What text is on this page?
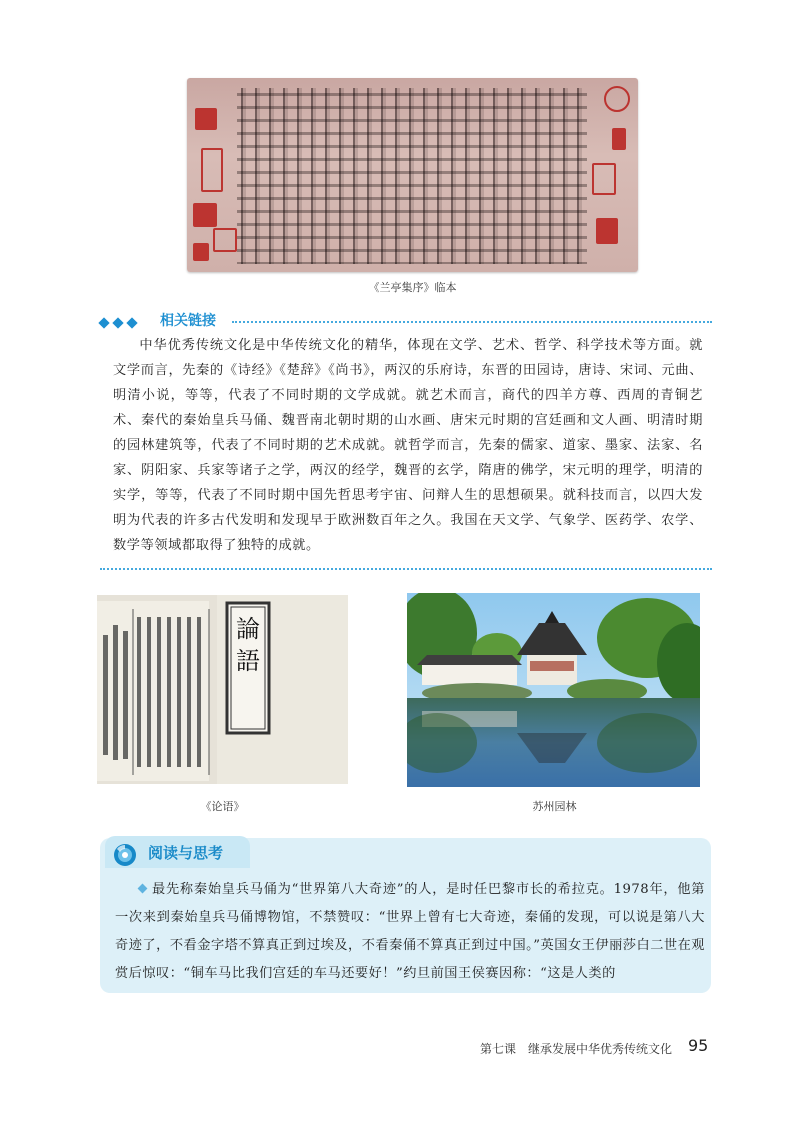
《兰亭集序》临本
相关链接
中华优秀传统文化是中华传统文化的精华，体现在文学、艺术、哲学、科学技术等方面。就文学而言，先秦的《诗经》《楚辞》《尚书》，两汉的乐府诗，东晋的田园诗，唐诗、宋词、元曲、明清小说，等等，代表了不同时期的文学成就。就艺术而言，商代的四羊方尊、西周的青铜艺术、秦代的秦始皇兵马俑、魏晋南北朝时期的山水画、唐宋元时期的宫廷画和文人画、明清时期的园林建筑等，代表了不同时期的艺术成就。就哲学而言，先秦的儒家、道家、墨家、法家、名家、阴阳家、兵家等诸子之学，两汉的经学，魏晋的玄学，隋唐的佛学，宋元明的理学，明清的实学，等等，代表了不同时期中国先哲思考宇宙、问辩人生的思想硕果。就科技而言，以四大发明为代表的许多古代发明和发现早于欧洲数百年之久。我国在天文学、气象学、医药学、农学、数学等领域都取得了独特的成就。
論
語
《论语》	苏州园林
阅读与思考
最先称秦始皇兵马俑为“世界第八大奇迹”的人，是时任巴黎市长的希拉克。1978年，他第一次来到秦始皇兵马俑博物馆，不禁赞叹：“世界上曾有七大奇迹，秦俑的发现，可以说是第八大奇迹了，不看金字塔不算真正到过埃及，不看秦俑不算真正到过中国。”英国女王伊丽莎白二世在观赏后惊叹：“铜车马比我们宫廷的车马还要好！”约旦前国王侯赛因称：“这是人类的
第七课　继承发展中华优秀传统文化 95
